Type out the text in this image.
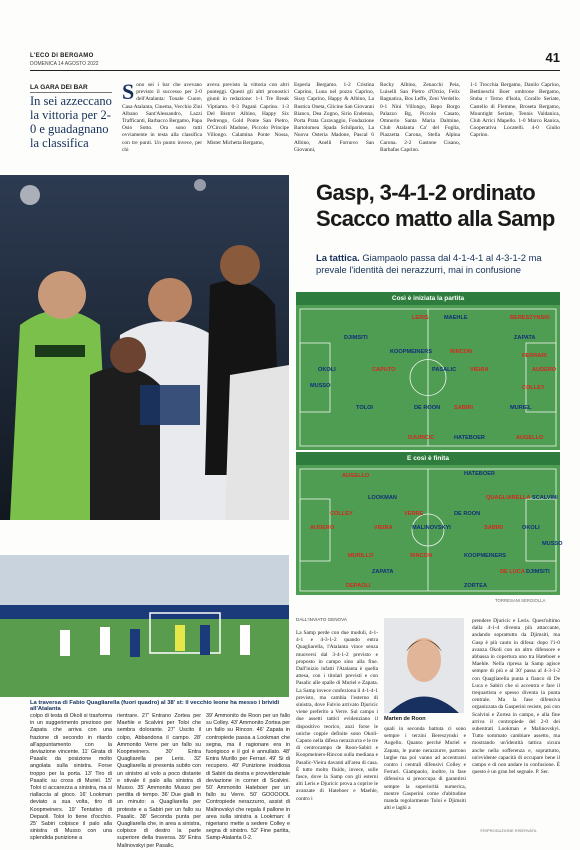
L'ECO DI BERGAMO
DOMENICA 14 AGOSTO 2022	41
LA GARA DEI BAR
In sei azzeccano la vittoria per 2-0 e guadagnano la classifica
Sono sei i bar che avevano previsto il successo per 2-0 dell'Atalanta: Tonale Cuore, Casa Atalanta, Cinema, Vecchio Zini Albano Sant'Alessandro, Lazzi Trafficanti, Barbacco Bergamo, Papa Osio Sotto. Ora sono tutti ovviamente in testa alla classifica con tre punti. Un punto invece, per chi
aveva previsto la vittoria con altri punteggi. Questi gli altri pronostici giunti in redazione: 1-1 Tre Break Viptiamo. 0-3 Pagani Caprino. 1-3 Del Bistrot Albino, Happy Six Pedrengo, Gold Ponte San Pietro, O'Circoli Madone, Piccolo Principe Villongo. Calamina Ponte Nossa, Mister Michetta Bergamo,
Esperia Bergamo. 1-2 Cristina Caprino, Luna nel pozzo Caprino, Sissy Caprino, Happy & Albino, La Rustica Oneta, Glicine San Giovanni Bianco, Dea Zogno, Sirio Endenna, Porta Prata Caravaggio, Fondazione Bartolomea Spada Schilpario, La Nuova Osteria Madone, Pascal 6 Albino, Anelli Fornovo San Giovanni,
Rocky Albino, Zenacchi Peia, Luiselli San Pietro d'Orzio, Felix Bagnatica, Bos Leffe, Zeni Verdello. 0-1 Nini Villongo, Bepo Borgo Palazzo Bg, Piccolo Casato, Omnorio Santa Maria Dalmine, Club Atalanta Ca' del Foglia, Piazzetta Carona, Stella Alpina Carona. 2-2 Gastone Cisano, Barbafas Caprino.
1-1 Trocchia Bergamo, Danilo Caprino, Bettineschi Boer ombrone Bergamo, Stuba r Terno d'Isola, Corallo Seriate, Castello di Flemme, Broseta Bergamo, Mountight Seriate, Tennis Valdanica, Club Arrici Mapello. 1-0 Marco Ranica, Cooperativa Locatelli. 4-0 Giulio Caprino.
Gasp, 3-4-1-2 ordinato Scacco matto alla Samp
La tattica. Giampaolo passa dal 4-1-4-1 al 4-3-1-2 ma prevale l'identità dei nerazzurri, mai in confusione
Così è iniziata la partita
LERIS	MAEHLE	BERESZYNSKI
DJIMSITI	ZAPATA
KOOPMEINERS	RINCON
FERRARI
OKOLI	CAPUTO	PASALIC VIEIRA	AUDERO
MUSSO	COLLEY
TOLOI	DE ROON SABIRI	MURIEL
DJURICIC	HATEBOER	AUGELLO
E così è finita
HATEBOER
AUGELLO
QUAGLIARELLA SCALVINI
LOOKMAN
COLLEY	VERRE	DE ROON
AUDERO	VIEIRA	MALINOVSKYI	SABIRI	OKOLI
MUSSO
MURILLO	RINCON	KOOPMEINERS
ZAPATA	DE LUCA DJIMSITI
DEPAOLI	ZORTEA
TORRESANI SERGIOLLA
La traversa di Fabio Quagliarella (fuori quadro) al 38' st: il vecchio leone ha messo i brividi all'Atalanta
colpo di testa di Okoli si trasforma in un suggerimento prezioso per Zapata che arriva con una frazione di secondo in ritardo all'appuntamento con la deviazione vincente. 11' Girata di Pasalic da posizione molto angolata sulla sinistra. Forse troppo per la porta. 13' Tiro di Pasalic su cross di Muriel. 15' Toloi ci accarezza a sinistra, ma si riallaccia al gioco. 16' Lookman deviato a sua volta, tiro di Koopmeiners. 19' Tentativo di Depaoli. Toloi lo tiene d'occhio. 25' Sabiri colpisce il palo alla sinistra di Musso con una splendida punizione a
rientrare. 27' Entrano Zortea per Maehle e Scalvini per Toloi che sembra dolorante. 27' Uscito il colpo, Abbandona il campo. 28' Ammonito Verre per un fallo su Koopmeiners. 30' Entra Quagliarella per Leris. 32' Quagliarella si presenta subito con un sinistro al volo a poco distante e stivale il palo alla sinistra di Musso. 35' Ammonito Musso per perdita di tempo. 36' Due gialli in un minuto: a Quagliarella per proteste e a Sabiri per un fallo su Pasalic. 38' Seconda punta per Quagliarella che, in area a sinistra, colpisce di destro la parte superiore della traversa. 39' Entra Malinovskyi per Pasalic.
39' Ammonito de Roon per un fallo su Colley. 43' Ammonito Zortea per un fallo su Rincon. 46' Zapata in contropiede passa a Lookman che segna, ma il ragionare era in fuorigioco e il gol è annullato. 48' Entra Murillo per Ferrari. 49' Si di recupero. 49' Punizione insidiosa di Sabiri da destra e provvidenziale deviazione in corner di Scalvini. 50' Ammonito Hateboer per un fallo su Verre. 50' GOOOOOL Contropiede nerazzurro, assist di Malinovskyi che regala il pallone in area sulla sinistra a Lookman: il nigeriano mette a sedere Colley e segna di sinistro. 52' Fine partita, Samp-Atalanta 0-2.
DALL'INVIATO GENOVA
La Samp perde con due moduli, 4-1-4-1 e 4-3-1-2 quando entra Quagliarella, l'Atalanta vince senza muoversi dal 3-4-1-2 previsto e proposto in campo sino alla fine. Dall'inizio infatti l'Atalanta è quella attesa, con i titolari previsti e con Pasalic alle spalle di Muriel e Zapata. La Samp invece confeziona il 4-1-4-1 previsto, ma cambia l'esterno di sinistra, dove Fulvio arrivato Djuricic viene preferito a Verre. Sul campo i due assetti tattici evidenziano il dispositivo teorico, anzi forse le uniche coppie definite sono Okoli-Caputo nella difesa nerazzurra e le tre di centrocampo de Roon-Sabiri e Koopmeiners-Rincon sulla mediana e Pasalic-Vieira davanti all'area di casa. È tutto molto fluido, invece, sulle fasce, dove la Samp con gli esterni alti Leris e Djuricic prova a coprire le avanzate di Hateboer e Maehle, contro i
Marten de Roon
quali in seconda battuta ci sono sempre i terzini Bereszynski e Augello. Quanto perché Muriel e Zapata, le punte nerazzurre, partono larghe ma poi vanno ad accentrarsi contro i centrali difensivi Colley e Ferrari. Giampaolo, inoltre, in fase difensiva si preoccupa di garantirsi sempre la superiorità numerica, mentre Gasperini come d'abitudine manda regolarmente Toloi e Djimsiti alti e laghi a
prendere Djuricic e Leris. Quest'ultimo dalla 4-1-4 diventa più attaccante, andando soprattutto da Djimsiti, ma Gasp è più cauto in difesa: dopo l'1-0 avanza Okoli con un altro difensore e abbassa in copertura uno tra Hateboer e Maehle. Nella ripresa la Samp agisce sempre di più e al 30' passa al 4-3-1-2 con Quagliarella punta a fianco di De Luca e Sabiri che si accentra e fare il trequartista e spesso diventa la punta centrale. Ma la fase difensiva organizzata da Gasperini resiste, poi con Scalvini e Zortea in campo, e alla fine arriva il contropiede del 2-0 dei subentrati Lookman e Malinovskyi. Tutto sommato cambiare assetto, ma mostrando un'identità tattica sicura anche nella sofferenza e, soprattutto, un'evidente capacità di occupare bene il campo e di non andare in confusione. È questo è un gran bel segnale. P. Ser.
©RIPRODUZIONE RISERVATA
